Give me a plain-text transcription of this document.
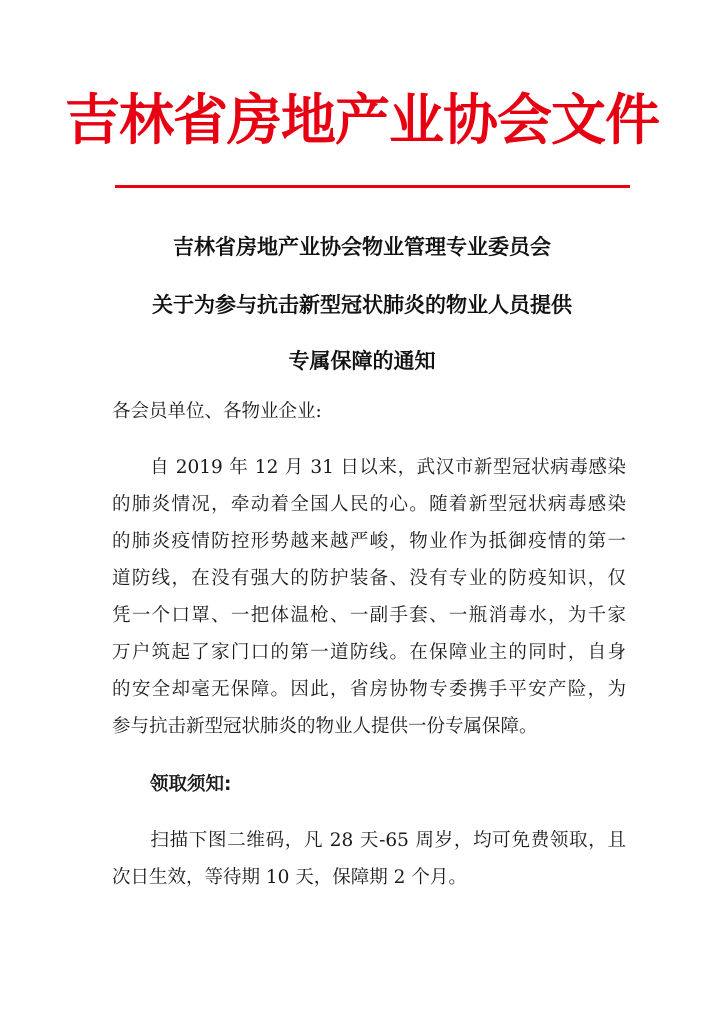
吉林省房地产业协会文件
吉林省房地产业协会物业管理专业委员会
关于为参与抗击新型冠状肺炎的物业人员提供
专属保障的通知
各会员单位、各物业企业:
　　自 2019 年 12 月 31 日以来，武汉市新型冠状病毒感染
的肺炎情况，牵动着全国人民的心。随着新型冠状病毒感染
的肺炎疫情防控形势越来越严峻，物业作为抵御疫情的第一
道防线，在没有强大的防护装备、没有专业的防疫知识，仅
凭一个口罩、一把体温枪、一副手套、一瓶消毒水，为千家
万户筑起了家门口的第一道防线。在保障业主的同时，自身
的安全却毫无保障。因此，省房协物专委携手平安产险，为
参与抗击新型冠状肺炎的物业人提供一份专属保障。
领取须知:
　　扫描下图二维码，凡 28 天-65 周岁，均可免费领取，且
次日生效，等待期 10 天，保障期 2 个月。
